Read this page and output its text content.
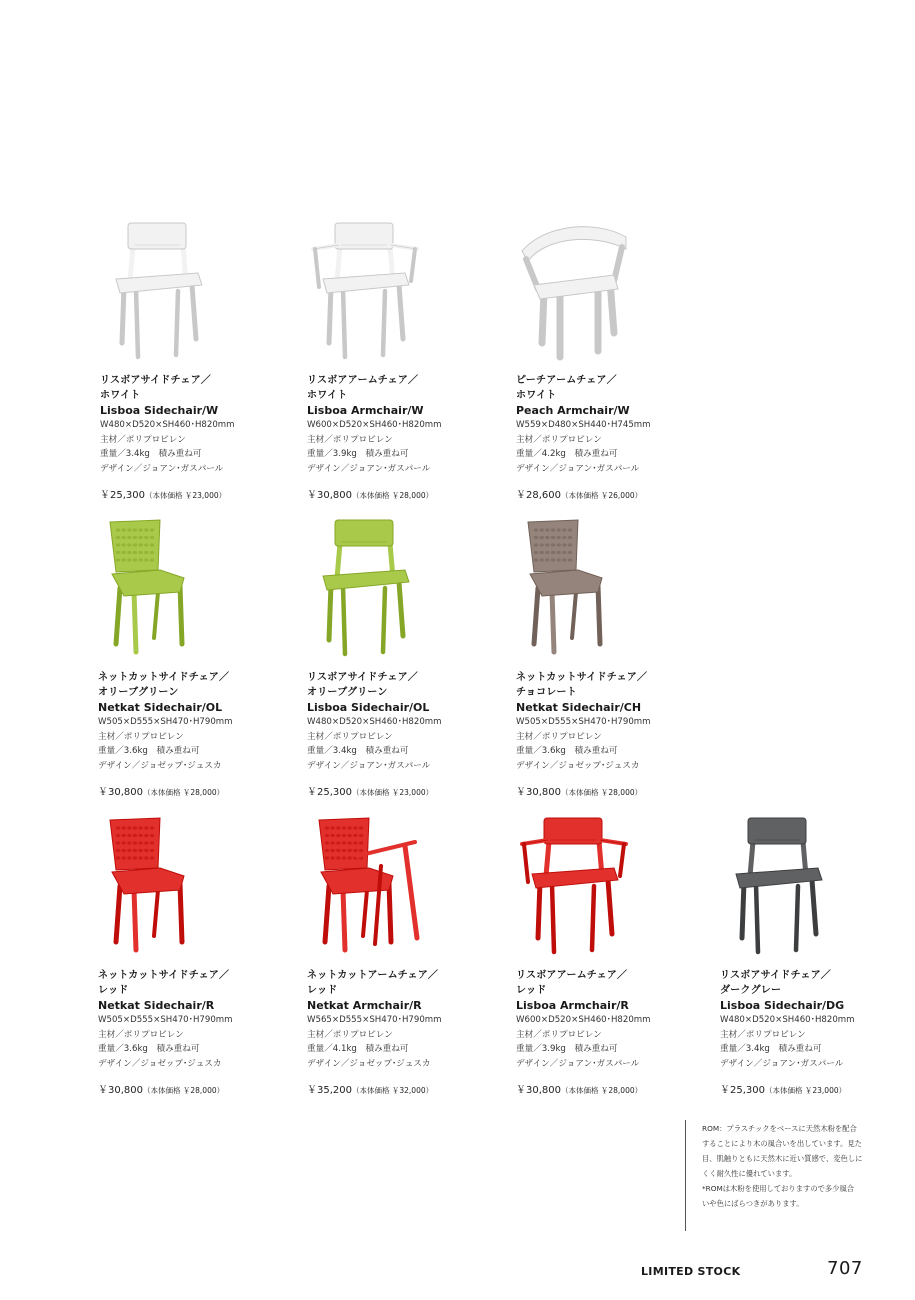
リスボアサイドチェア／
ホワイト
Lisboa Sidechair/W
W480×D520×SH460･H820mm
主材／ポリプロピレン
重量／3.4kg　積み重ね可
デザイン／ジョアン･ガスパール
￥25,300（本体価格 ￥23,000）
リスボアアームチェア／
ホワイト
Lisboa Armchair/W
W600×D520×SH460･H820mm
主材／ポリプロピレン
重量／3.9kg　積み重ね可
デザイン／ジョアン･ガスパール
￥30,800（本体価格 ￥28,000）
ピーチアームチェア／
ホワイト
Peach Armchair/W
W559×D480×SH440･H745mm
主材／ポリプロピレン
重量／4.2kg　積み重ね可
デザイン／ジョアン･ガスパール
￥28,600（本体価格 ￥26,000）
ネットカットサイドチェア／
オリーブグリーン
Netkat Sidechair/OL
W505×D555×SH470･H790mm
主材／ポリプロピレン
重量／3.6kg　積み重ね可
デザイン／ジョゼップ･ジュスカ
￥30,800（本体価格 ￥28,000）
リスボアサイドチェア／
オリーブグリーン
Lisboa Sidechair/OL
W480×D520×SH460･H820mm
主材／ポリプロピレン
重量／3.4kg　積み重ね可
デザイン／ジョアン･ガスパール
￥25,300（本体価格 ￥23,000）
ネットカットサイドチェア／
チョコレート
Netkat Sidechair/CH
W505×D555×SH470･H790mm
主材／ポリプロピレン
重量／3.6kg　積み重ね可
デザイン／ジョゼップ･ジュスカ
￥30,800（本体価格 ￥28,000）
ネットカットサイドチェア／
レッド
Netkat Sidechair/R
W505×D555×SH470･H790mm
主材／ポリプロピレン
重量／3.6kg　積み重ね可
デザイン／ジョゼップ･ジュスカ
￥30,800（本体価格 ￥28,000）
ネットカットアームチェア／
レッド
Netkat Armchair/R
W565×D555×SH470･H790mm
主材／ポリプロピレン
重量／4.1kg　積み重ね可
デザイン／ジョゼップ･ジュスカ
￥35,200（本体価格 ￥32,000）
リスボアアームチェア／
レッド
Lisboa Armchair/R
W600×D520×SH460･H820mm
主材／ポリプロピレン
重量／3.9kg　積み重ね可
デザイン／ジョアン･ガスパール
￥30,800（本体価格 ￥28,000）
リスボアサイドチェア／
ダークグレー
Lisboa Sidechair/DG
W480×D520×SH460･H820mm
主材／ポリプロピレン
重量／3.4kg　積み重ね可
デザイン／ジョアン･ガスパール
￥25,300（本体価格 ￥23,000）
ROM：プラスチックをベースに天然木粉を配合
することにより木の風合いを出しています。見た
目、肌触りともに天然木に近い質感で、変色しに
くく耐久性に優れています。
*ROMは木粉を使用しておりますので多少風合
いや色にばらつきがあります。
LIMITED STOCK	707
